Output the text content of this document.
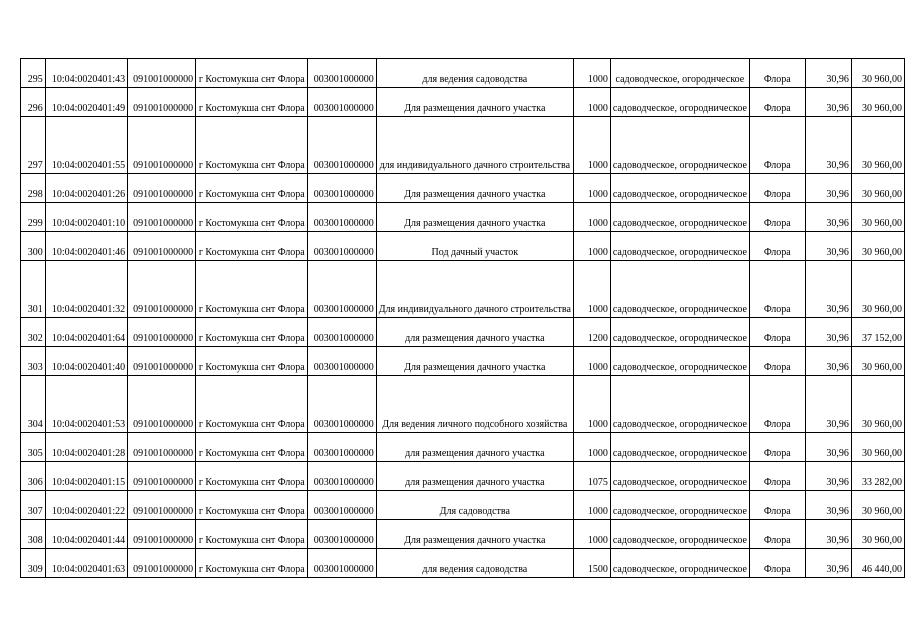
295	10:04:0020401:43	091001000000	г Костомукша снт Флора	003001000000	для ведения садоводства	1000	садоводческое, огороднческое	Флора	30,96	30 960,00
296	10:04:0020401:49	091001000000	г Костомукша снт Флора	003001000000	Для размещения дачного участка	1000	садоводческое, огородническое	Флора	30,96	30 960,00
297	10:04:0020401:55	091001000000	г Костомукша снт Флора	003001000000	для индивидуального дачного строительства	1000	садоводческое, огородническое	Флора	30,96	30 960,00
298	10:04:0020401:26	091001000000	г Костомукша снт Флора	003001000000	Для размещения дачного участка	1000	садоводческое, огородническое	Флора	30,96	30 960,00
299	10:04:0020401:10	091001000000	г Костомукша снт Флора	003001000000	Для размещения дачного участка	1000	садоводческое, огородническое	Флора	30,96	30 960,00
300	10:04:0020401:46	091001000000	г Костомукша снт Флора	003001000000	Под дачный участок	1000	садоводческое, огородническое	Флора	30,96	30 960,00
301	10:04:0020401:32	091001000000	г Костомукша снт Флора	003001000000	Для индивидуального дачного строительства	1000	садоводческое, огородническое	Флора	30,96	30 960,00
302	10:04:0020401:64	091001000000	г Костомукша снт Флора	003001000000	для размещения дачного участка	1200	садоводческое, огородническое	Флора	30,96	37 152,00
303	10:04:0020401:40	091001000000	г Костомукша снт Флора	003001000000	Для размещения дачного участка	1000	садоводческое, огородническое	Флора	30,96	30 960,00
304	10:04:0020401:53	091001000000	г Костомукша снт Флора	003001000000	Для ведения личного подсобного хозяйства	1000	садоводческое, огородническое	Флора	30,96	30 960,00
305	10:04:0020401:28	091001000000	г Костомукша снт Флора	003001000000	для размещения дачного участка	1000	садоводческое, огородническое	Флора	30,96	30 960,00
306	10:04:0020401:15	091001000000	г Костомукша снт Флора	003001000000	для размещения дачного участка	1075	садоводческое, огородническое	Флора	30,96	33 282,00
307	10:04:0020401:22	091001000000	г Костомукша снт Флора	003001000000	Для садоводства	1000	садоводческое, огородническое	Флора	30,96	30 960,00
308	10:04:0020401:44	091001000000	г Костомукша снт Флора	003001000000	Для размещения дачного участка	1000	садоводческое, огородническое	Флора	30,96	30 960,00
309	10:04:0020401:63	091001000000	г Костомукша снт Флора	003001000000	для ведения садоводства	1500	садоводческое, огородническое	Флора	30,96	46 440,00
